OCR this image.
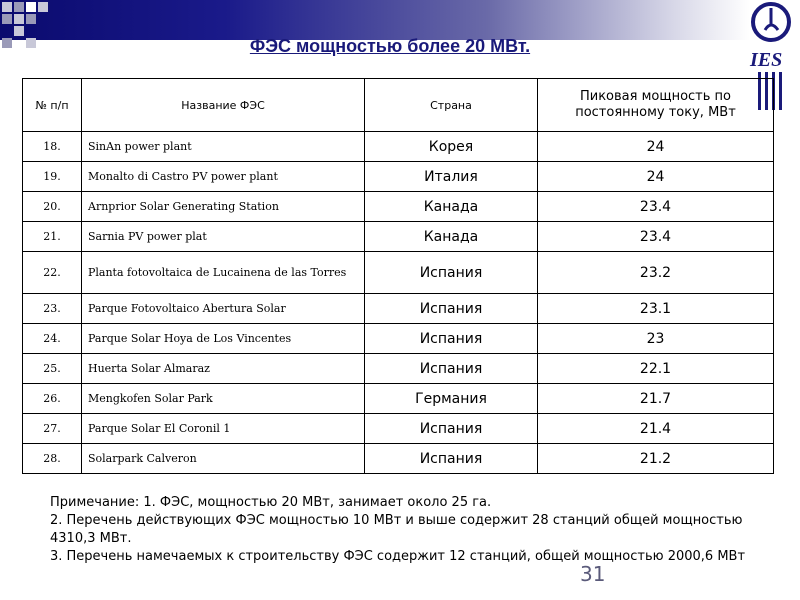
IES
ФЭС мощностью более 20 МВт.
№ п/п	Название ФЭС	Страна	Пиковая мощность по постоянному току, МВт
18.	SinAn power plant	Корея	24
19.	Monalto di Castro PV power plant	Италия	24
20.	Arnprior Solar Generating Station	Канада	23.4
21.	Sarnia PV power plat	Канада	23.4
22.	Planta fotovoltaica de Lucainena de las Torres	Испания	23.2
23.	Parque Fotovoltaico Abertura Solar	Испания	23.1
24.	Parque Solar Hoya de Los Vincentes	Испания	23
25.	Huerta Solar Almaraz	Испания	22.1
26.	Mengkofen Solar Park	Германия	21.7
27.	Parque Solar El Coronil 1	Испания	21.4
28.	Solarpark Calveron	Испания	21.2

Примечание: 1. ФЭС, мощностью 20 МВт, занимает около 25 га.

2. Перечень действующих ФЭС мощностью 10 МВт и выше содержит 28 станций общей мощностью 4310,3 МВт.

3. Перечень намечаемых к строительству ФЭС содержит 12 станций, общей мощностью 2000,6 МВт

31
